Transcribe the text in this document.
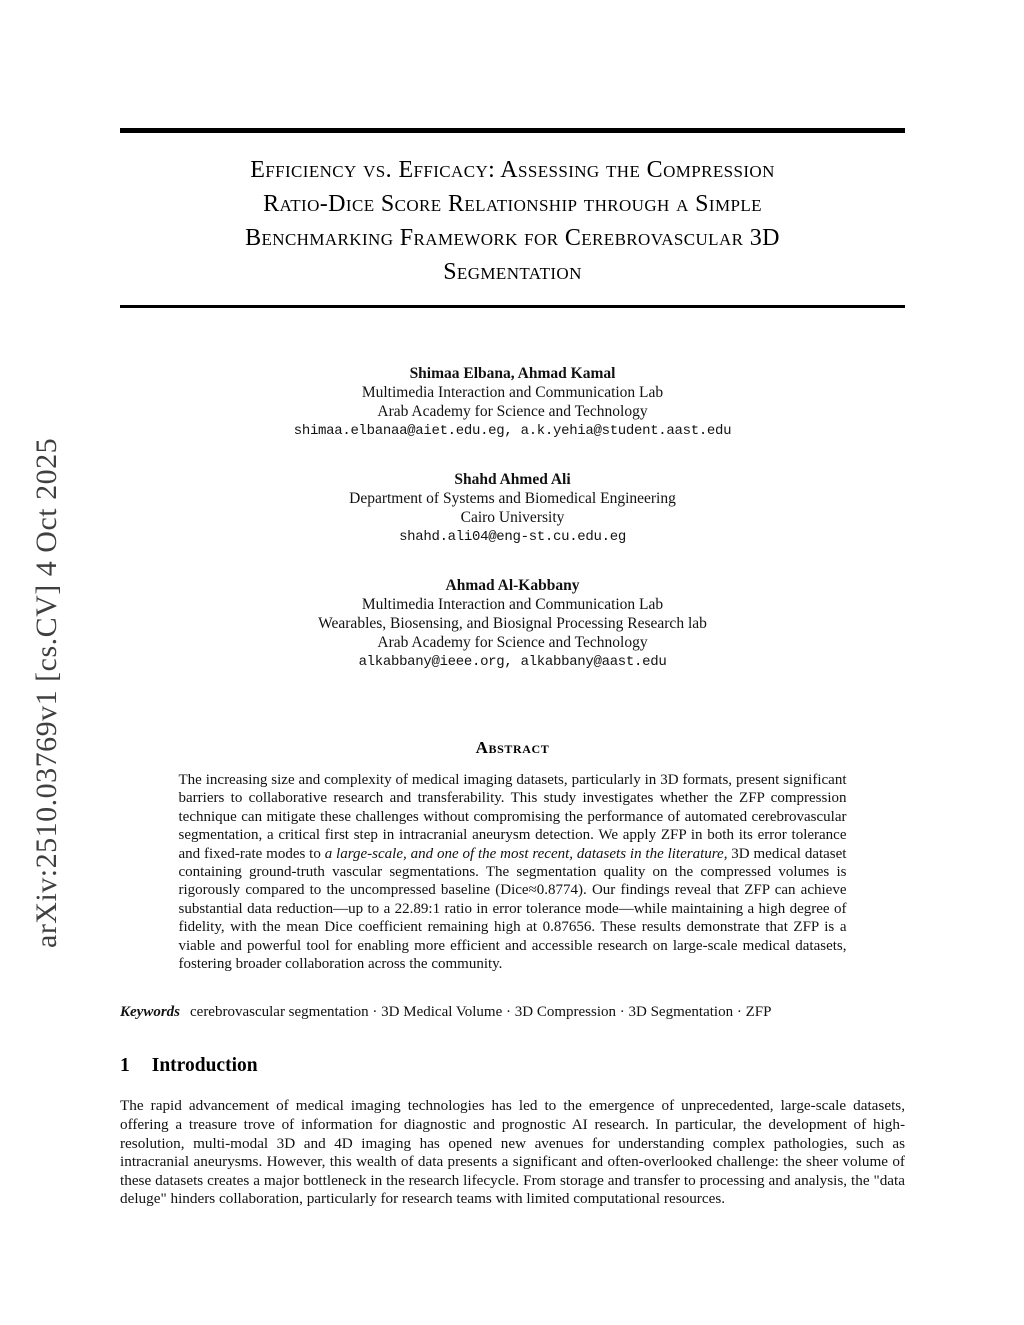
arXiv:2510.03769v1 [cs.CV] 4 Oct 2025
Efficiency vs. Efficacy: Assessing the Compression
Ratio-Dice Score Relationship through a Simple
Benchmarking Framework for Cerebrovascular 3D
Segmentation
Shimaa Elbana, Ahmad Kamal
Multimedia Interaction and Communication Lab
Arab Academy for Science and Technology
shimaa.elbanaa@aiet.edu.eg, a.k.yehia@student.aast.edu
Shahd Ahmed Ali
Department of Systems and Biomedical Engineering
Cairo University
shahd.ali04@eng-st.cu.edu.eg
Ahmad Al-Kabbany
Multimedia Interaction and Communication Lab
Wearables, Biosensing, and Biosignal Processing Research lab
Arab Academy for Science and Technology
alkabbany@ieee.org, alkabbany@aast.edu
Abstract

The increasing size and complexity of medical imaging datasets, particularly in 3D formats, present significant barriers to collaborative research and transferability. This study investigates whether the ZFP compression technique can mitigate these challenges without compromising the performance of automated cerebrovascular segmentation, a critical first step in intracranial aneurysm detection. We apply ZFP in both its error tolerance and fixed-rate modes to a large-scale, and one of the most recent, datasets in the literature, 3D medical dataset containing ground-truth vascular segmentations. The segmentation quality on the compressed volumes is rigorously compared to the uncompressed baseline (Dice≈0.8774). Our findings reveal that ZFP can achieve substantial data reduction—up to a 22.89:1 ratio in error tolerance mode—while maintaining a high degree of fidelity, with the mean Dice coefficient remaining high at 0.87656. These results demonstrate that ZFP is a viable and powerful tool for enabling more efficient and accessible research on large-scale medical datasets, fostering broader collaboration across the community.

Keywords cerebrovascular segmentation · 3D Medical Volume · 3D Compression · 3D Segmentation · ZFP

1 Introduction

The rapid advancement of medical imaging technologies has led to the emergence of unprecedented, large-scale datasets, offering a treasure trove of information for diagnostic and prognostic AI research. In particular, the development of high-resolution, multi-modal 3D and 4D imaging has opened new avenues for understanding complex pathologies, such as intracranial aneurysms. However, this wealth of data presents a significant and often-overlooked challenge: the sheer volume of these datasets creates a major bottleneck in the research lifecycle. From storage and transfer to processing and analysis, the "data deluge" hinders collaboration, particularly for research teams with limited computational resources.
